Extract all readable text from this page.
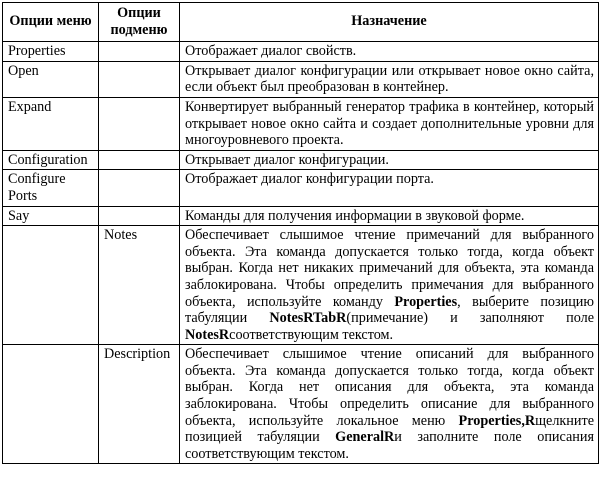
Опции меню	Опции подменю	Назначение
Properties		Отображает диалог свойств.
Open		Открывает диалог конфигурации или открывает новое окно сайта, если объект был преобразован в контейнер.
Expand		Конвертирует выбранный генератор трафика в контейнер, который открывает новое окно сайта и создает дополнительные уровни для многоуровневого проекта.
Configuration		Открывает диалог конфигурации.
Configure Ports		Отображает диалог конфигурации порта.
Say		Команды для получения информации в звуковой форме.
	Notes	Обеспечивает слышимое чтение примечаний для выбранного объекта. Эта команда допускается только тогда, когда объект выбран. Когда нет никаких примечаний для объекта, эта команда заблокирована. Чтобы определить примечания для выбранного объекта, используйте команду Properties, выберите позицию табуляции NotesRTabR(примечание) и заполняют поле NotesRсоответствующим текстом.
	Description	Обеспечивает слышимое чтение описаний для выбранного объекта. Эта команда допускается только тогда, когда объект выбран. Когда нет описания для объекта, эта команда заблокирована. Чтобы определить описание для выбранного объекта, используйте локальное меню Properties,Rщелкните позицией табуляции GeneralRи заполните поле описания соответствующим текстом.
